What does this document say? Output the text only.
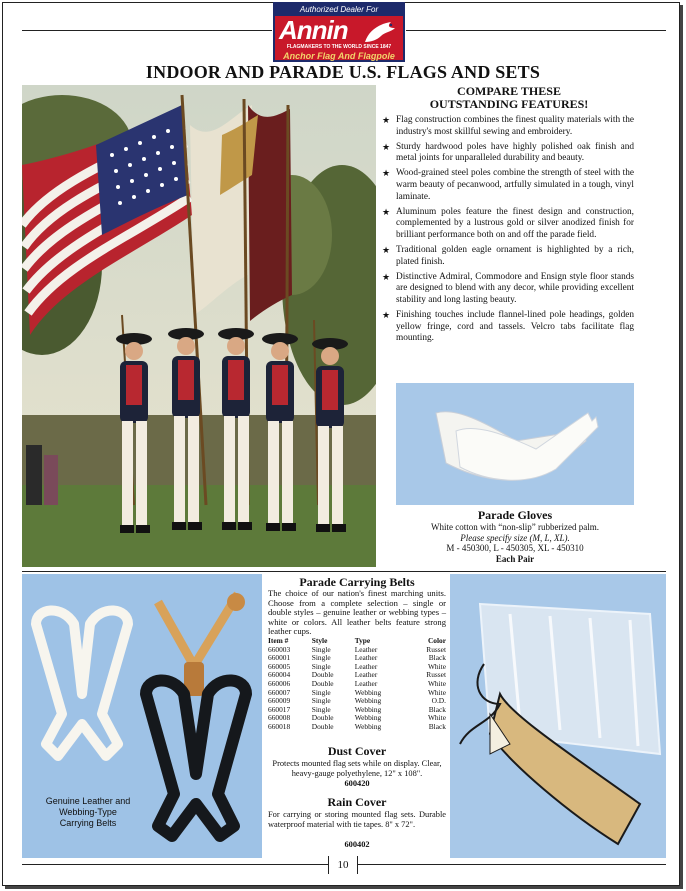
Authorized Dealer For
Annin
FLAGMAKERS TO THE WORLD SINCE 1847
Anchor Flag And Flagpole
INDOOR AND PARADE U.S. FLAGS AND SETS
COMPARE THESE
OUTSTANDING FEATURES!
★ Flag construction combines the finest quality materials with the industry's most skillful sewing and embroidery.
★ Sturdy hardwood poles have highly polished oak finish and metal joints for unparalleled durability and beauty.
★ Wood-grained steel poles combine the strength of steel with the warm beauty of pecanwood, artfully simulated in a tough, vinyl laminate.
★ Aluminum poles feature the finest design and construction, complemented by a lustrous gold or silver anodized finish for brilliant performance both on and off the parade field.
★ Traditional golden eagle ornament is highlighted by a rich, plated finish.
★ Distinctive Admiral, Commodore and Ensign style floor stands are designed to blend with any decor, while providing excellent stability and long lasting beauty.
★ Finishing touches include flannel-lined pole headings, golden yellow fringe, cord and tassels. Velcro tabs facilitate flag mounting.
Parade Gloves
White cotton with “non-slip” rubberized palm.
Please specify size (M, L, XL).
M - 450300, L - 450305, XL - 450310
Each Pair
Genuine Leather and
Webbing-Type
Carrying Belts
Parade Carrying Belts
The choice of our nation's finest marching units. Choose from a complete selection – single or double styles – genuine leather or webbing types – white or colors. All leather belts feature strong leather cups.
Item #	Style	Type	Color
660003	Single	Leather	Russet
660001	Single	Leather	Black
660005	Single	Leather	White
660004	Double	Leather	Russet
660006	Double	Leather	White
660007	Single	Webbing	White
660009	Single	Webbing	O.D.
660017	Single	Webbing	Black
660008	Double	Webbing	White
660018	Double	Webbing	Black
Dust Cover
Protects mounted flag sets while on display. Clear, heavy-gauge polyethylene, 12" x 108".
600420
Rain Cover
For carrying or storing mounted flag sets. Durable waterproof material with tie tapes. 8" x 72".
600402
10
